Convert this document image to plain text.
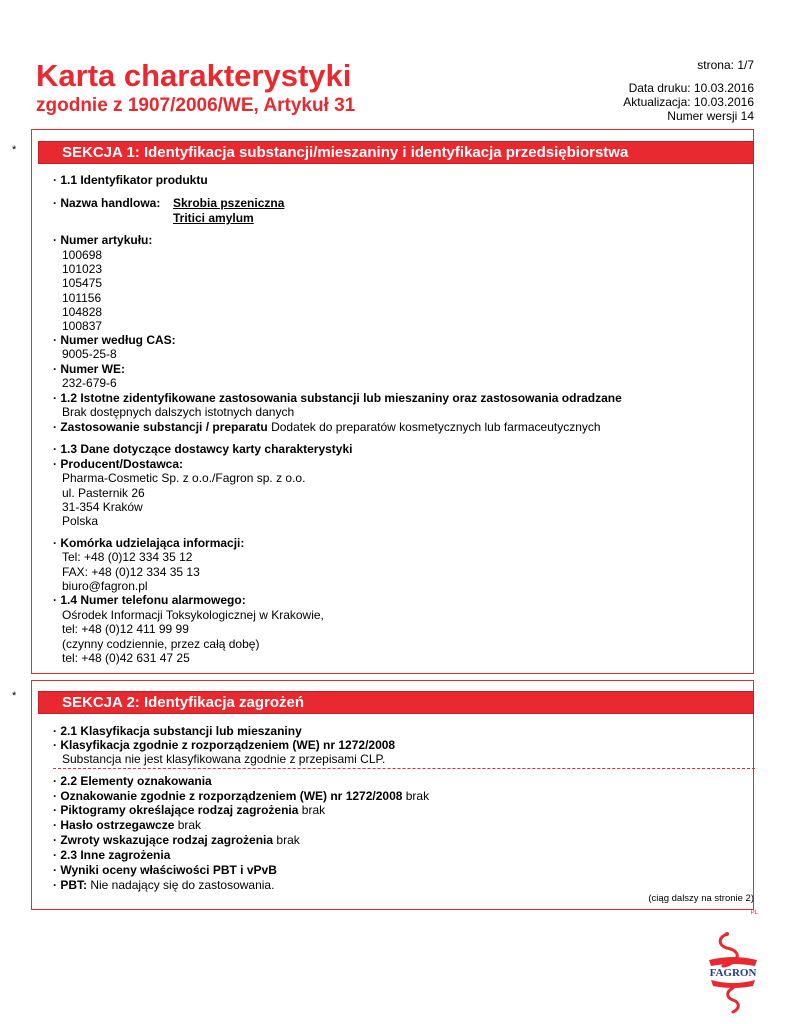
Karta charakterystyki
zgodnie z 1907/2006/WE, Artykuł 31
strona: 1/7
Data druku: 10.03.2016
Aktualizacja: 10.03.2016
Numer wersji 14
*	SEKCJA 1: Identyfikacja substancji/mieszaniny i identyfikacja przedsiębiorstwa
· 1.1 Identyfikator produktu
· Nazwa handlowa: Skrobia pszeniczna
Tritici amylum
· Numer artykułu:
100698
101023
105475
101156
104828
100837
· Numer według CAS:
9005-25-8
· Numer WE:
232-679-6
· 1.2 Istotne zidentyfikowane zastosowania substancji lub mieszaniny oraz zastosowania odradzane
Brak dostępnych dalszych istotnych danych
· Zastosowanie substancji / preparatu Dodatek do preparatów kosmetycznych lub farmaceutycznych
· 1.3 Dane dotyczące dostawcy karty charakterystyki
· Producent/Dostawca:
Pharma-Cosmetic Sp. z o.o./Fagron sp. z o.o.
ul. Pasternik 26
31-354 Kraków
Polska
· Komórka udzielająca informacji:
Tel: +48 (0)12 334 35 12
FAX: +48 (0)12 334 35 13
biuro@fagron.pl
· 1.4 Numer telefonu alarmowego:
Ośrodek Informacji Toksykologicznej w Krakowie,
tel: +48 (0)12 411 99 99
(czynny codziennie, przez całą dobę)
tel: +48 (0)42 631 47 25
*	SEKCJA 2: Identyfikacja zagrożeń
· 2.1 Klasyfikacja substancji lub mieszaniny
· Klasyfikacja zgodnie z rozporządzeniem (WE) nr 1272/2008
Substancja nie jest klasyfikowana zgodnie z przepisami CLP.
· 2.2 Elementy oznakowania
· Oznakowanie zgodnie z rozporządzeniem (WE) nr 1272/2008 brak
· Piktogramy określające rodzaj zagrożenia brak
· Hasło ostrzegawcze brak
· Zwroty wskazujące rodzaj zagrożenia brak
· 2.3 Inne zagrożenia
· Wyniki oceny właściwości PBT i vPvB
· PBT: Nie nadający się do zastosowania.
(ciąg dalszy na stronie 2)
PL
FAGRON
